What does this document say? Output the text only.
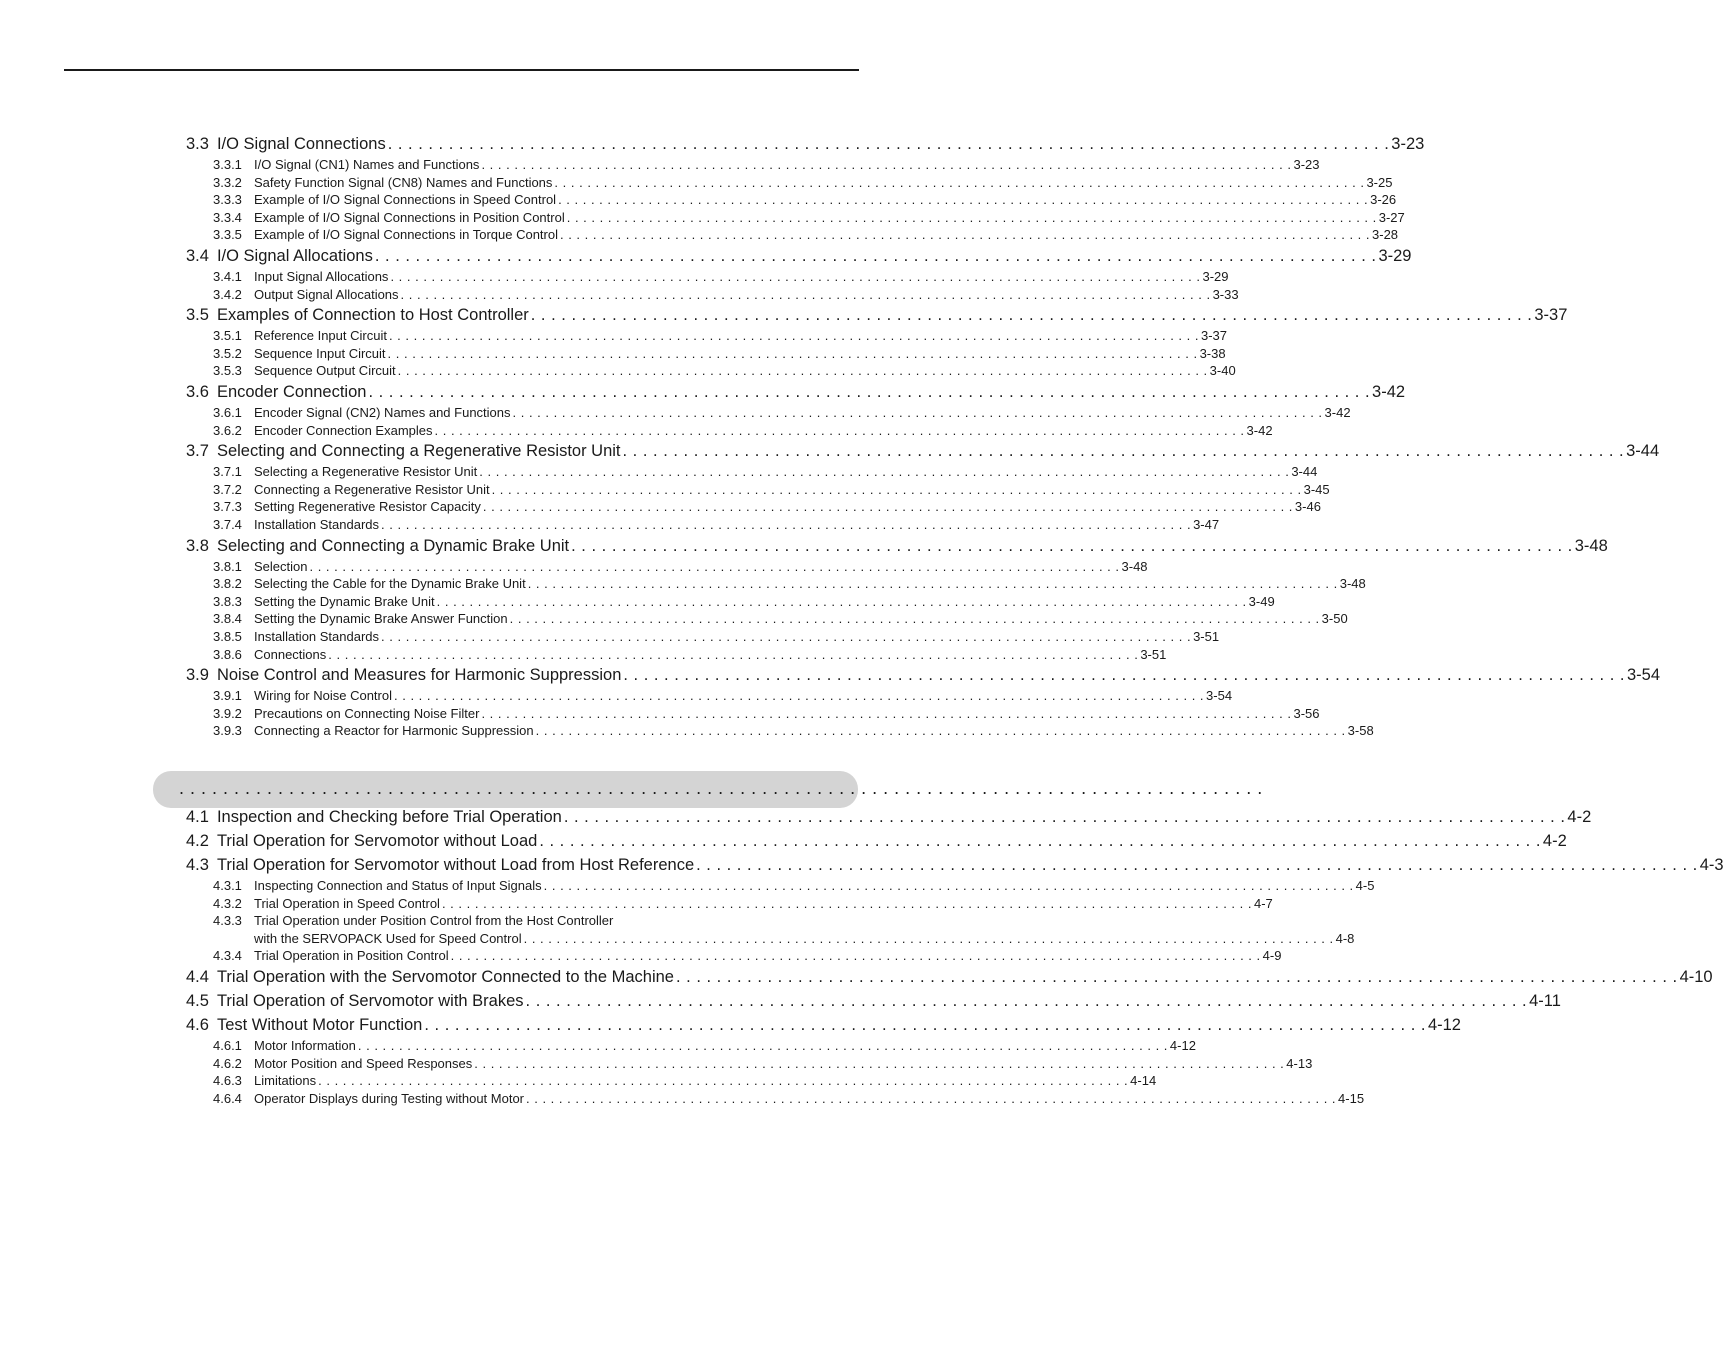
3.3 I/O Signal Connections . . . . . . . . . . . . . . . . . . . . . . . . . . . . . . . . . . . . . . . . . . . . . . . . . . . . . . . . . . . . . . . . . . . . . . . . . . . . . . . . . . . . . . . . . . . . . . . . . . . 3-23
3.3.1 I/O Signal (CN1) Names and Functions . . . . . . . . . . . . . . . . . . . . . . . . . . . . . . . . . . . . . . . . . . . . . . . . . . . . . . . . . . . . . . . . . . . . . . . . . . . . . . . . . . . . . . . . . . . . . . . . . . . 3-23
3.3.2 Safety Function Signal (CN8) Names and Functions . . . . . . . . . . . . . . . . . . . . . . . . . . . . . . . . . . . . . . . . . . . . . . . . . . . . . . . . . . . . . . . . . . . . . . . . . . . . . . . . . . . . . . . . . . . . . . . . . . . 3-25
3.3.3 Example of I/O Signal Connections in Speed Control . . . . . . . . . . . . . . . . . . . . . . . . . . . . . . . . . . . . . . . . . . . . . . . . . . . . . . . . . . . . . . . . . . . . . . . . . . . . . . . . . . . . . . . . . . . . . . . . . . . 3-26
3.3.4 Example of I/O Signal Connections in Position Control . . . . . . . . . . . . . . . . . . . . . . . . . . . . . . . . . . . . . . . . . . . . . . . . . . . . . . . . . . . . . . . . . . . . . . . . . . . . . . . . . . . . . . . . . . . . . . . . . . . 3-27
3.3.5 Example of I/O Signal Connections in Torque Control . . . . . . . . . . . . . . . . . . . . . . . . . . . . . . . . . . . . . . . . . . . . . . . . . . . . . . . . . . . . . . . . . . . . . . . . . . . . . . . . . . . . . . . . . . . . . . . . . . . 3-28
3.4 I/O Signal Allocations . . . . . . . . . . . . . . . . . . . . . . . . . . . . . . . . . . . . . . . . . . . . . . . . . . . . . . . . . . . . . . . . . . . . . . . . . . . . . . . . . . . . . . . . . . . . . . . . . . . 3-29
3.4.1 Input Signal Allocations . . . . . . . . . . . . . . . . . . . . . . . . . . . . . . . . . . . . . . . . . . . . . . . . . . . . . . . . . . . . . . . . . . . . . . . . . . . . . . . . . . . . . . . . . . . . . . . . . . . 3-29
3.4.2 Output Signal Allocations . . . . . . . . . . . . . . . . . . . . . . . . . . . . . . . . . . . . . . . . . . . . . . . . . . . . . . . . . . . . . . . . . . . . . . . . . . . . . . . . . . . . . . . . . . . . . . . . . . . 3-33
3.5 Examples of Connection to Host Controller . . . . . . . . . . . . . . . . . . . . . . . . . . . . . . . . . . . . . . . . . . . . . . . . . . . . . . . . . . . . . . . . . . . . . . . . . . . . . . . . . . . . . . . . . . . . . . . . . . . 3-37
3.5.1 Reference Input Circuit . . . . . . . . . . . . . . . . . . . . . . . . . . . . . . . . . . . . . . . . . . . . . . . . . . . . . . . . . . . . . . . . . . . . . . . . . . . . . . . . . . . . . . . . . . . . . . . . . . . 3-37
3.5.2 Sequence Input Circuit . . . . . . . . . . . . . . . . . . . . . . . . . . . . . . . . . . . . . . . . . . . . . . . . . . . . . . . . . . . . . . . . . . . . . . . . . . . . . . . . . . . . . . . . . . . . . . . . . . . 3-38
3.5.3 Sequence Output Circuit . . . . . . . . . . . . . . . . . . . . . . . . . . . . . . . . . . . . . . . . . . . . . . . . . . . . . . . . . . . . . . . . . . . . . . . . . . . . . . . . . . . . . . . . . . . . . . . . . . . 3-40
3.6 Encoder Connection . . . . . . . . . . . . . . . . . . . . . . . . . . . . . . . . . . . . . . . . . . . . . . . . . . . . . . . . . . . . . . . . . . . . . . . . . . . . . . . . . . . . . . . . . . . . . . . . . . . 3-42
3.6.1 Encoder Signal (CN2) Names and Functions . . . . . . . . . . . . . . . . . . . . . . . . . . . . . . . . . . . . . . . . . . . . . . . . . . . . . . . . . . . . . . . . . . . . . . . . . . . . . . . . . . . . . . . . . . . . . . . . . . . 3-42
3.6.2 Encoder Connection Examples . . . . . . . . . . . . . . . . . . . . . . . . . . . . . . . . . . . . . . . . . . . . . . . . . . . . . . . . . . . . . . . . . . . . . . . . . . . . . . . . . . . . . . . . . . . . . . . . . . . 3-42
3.7 Selecting and Connecting a Regenerative Resistor Unit . . . . . . . . . . . . . . . . . . . . . . . . . . . . . . . . . . . . . . . . . . . . . . . . . . . . . . . . . . . . . . . . . . . . . . . . . . . . . . . . . . . . . . . . . . . . . . . . . . . 3-44
3.7.1 Selecting a Regenerative Resistor Unit . . . . . . . . . . . . . . . . . . . . . . . . . . . . . . . . . . . . . . . . . . . . . . . . . . . . . . . . . . . . . . . . . . . . . . . . . . . . . . . . . . . . . . . . . . . . . . . . . . . 3-44
3.7.2 Connecting a Regenerative Resistor Unit . . . . . . . . . . . . . . . . . . . . . . . . . . . . . . . . . . . . . . . . . . . . . . . . . . . . . . . . . . . . . . . . . . . . . . . . . . . . . . . . . . . . . . . . . . . . . . . . . . . 3-45
3.7.3 Setting Regenerative Resistor Capacity . . . . . . . . . . . . . . . . . . . . . . . . . . . . . . . . . . . . . . . . . . . . . . . . . . . . . . . . . . . . . . . . . . . . . . . . . . . . . . . . . . . . . . . . . . . . . . . . . . . 3-46
3.7.4 Installation Standards . . . . . . . . . . . . . . . . . . . . . . . . . . . . . . . . . . . . . . . . . . . . . . . . . . . . . . . . . . . . . . . . . . . . . . . . . . . . . . . . . . . . . . . . . . . . . . . . . . . 3-47
3.8 Selecting and Connecting a Dynamic Brake Unit . . . . . . . . . . . . . . . . . . . . . . . . . . . . . . . . . . . . . . . . . . . . . . . . . . . . . . . . . . . . . . . . . . . . . . . . . . . . . . . . . . . . . . . . . . . . . . . . . . . 3-48
3.8.1 Selection . . . . . . . . . . . . . . . . . . . . . . . . . . . . . . . . . . . . . . . . . . . . . . . . . . . . . . . . . . . . . . . . . . . . . . . . . . . . . . . . . . . . . . . . . . . . . . . . . . . 3-48
3.8.2 Selecting the Cable for the Dynamic Brake Unit . . . . . . . . . . . . . . . . . . . . . . . . . . . . . . . . . . . . . . . . . . . . . . . . . . . . . . . . . . . . . . . . . . . . . . . . . . . . . . . . . . . . . . . . . . . . . . . . . . . 3-48
3.8.3 Setting the Dynamic Brake Unit . . . . . . . . . . . . . . . . . . . . . . . . . . . . . . . . . . . . . . . . . . . . . . . . . . . . . . . . . . . . . . . . . . . . . . . . . . . . . . . . . . . . . . . . . . . . . . . . . . . 3-49
3.8.4 Setting the Dynamic Brake Answer Function . . . . . . . . . . . . . . . . . . . . . . . . . . . . . . . . . . . . . . . . . . . . . . . . . . . . . . . . . . . . . . . . . . . . . . . . . . . . . . . . . . . . . . . . . . . . . . . . . . . 3-50
3.8.5 Installation Standards . . . . . . . . . . . . . . . . . . . . . . . . . . . . . . . . . . . . . . . . . . . . . . . . . . . . . . . . . . . . . . . . . . . . . . . . . . . . . . . . . . . . . . . . . . . . . . . . . . . 3-51
3.8.6 Connections . . . . . . . . . . . . . . . . . . . . . . . . . . . . . . . . . . . . . . . . . . . . . . . . . . . . . . . . . . . . . . . . . . . . . . . . . . . . . . . . . . . . . . . . . . . . . . . . . . . 3-51
3.9 Noise Control and Measures for Harmonic Suppression . . . . . . . . . . . . . . . . . . . . . . . . . . . . . . . . . . . . . . . . . . . . . . . . . . . . . . . . . . . . . . . . . . . . . . . . . . . . . . . . . . . . . . . . . . . . . . . . . . . 3-54
3.9.1 Wiring for Noise Control . . . . . . . . . . . . . . . . . . . . . . . . . . . . . . . . . . . . . . . . . . . . . . . . . . . . . . . . . . . . . . . . . . . . . . . . . . . . . . . . . . . . . . . . . . . . . . . . . . . 3-54
3.9.2 Precautions on Connecting Noise Filter . . . . . . . . . . . . . . . . . . . . . . . . . . . . . . . . . . . . . . . . . . . . . . . . . . . . . . . . . . . . . . . . . . . . . . . . . . . . . . . . . . . . . . . . . . . . . . . . . . . 3-56
3.9.3 Connecting a Reactor for Harmonic Suppression . . . . . . . . . . . . . . . . . . . . . . . . . . . . . . . . . . . . . . . . . . . . . . . . . . . . . . . . . . . . . . . . . . . . . . . . . . . . . . . . . . . . . . . . . . . . . . . . . . . 3-58
. . . . . . . . . . . . . . . . . . . . . . . . . . . . . . . . . . . . . . . . . . . . . . . . . . . . . . . . . . . . . . . . . . . . . . . . . . . . . . . . . . . . . . . . . . . . . . . . . . .
4.1 Inspection and Checking before Trial Operation . . . . . . . . . . . . . . . . . . . . . . . . . . . . . . . . . . . . . . . . . . . . . . . . . . . . . . . . . . . . . . . . . . . . . . . . . . . . . . . . . . . . . . . . . . . . . . . . . . . 4-2
4.2 Trial Operation for Servomotor without Load . . . . . . . . . . . . . . . . . . . . . . . . . . . . . . . . . . . . . . . . . . . . . . . . . . . . . . . . . . . . . . . . . . . . . . . . . . . . . . . . . . . . . . . . . . . . . . . . . . . 4-2
4.3 Trial Operation for Servomotor without Load from Host Reference . . . . . . . . . . . . . . . . . . . . . . . . . . . . . . . . . . . . . . . . . . . . . . . . . . . . . . . . . . . . . . . . . . . . . . . . . . . . . . . . . . . . . . . . . . . . . . . . . . . 4-3
4.3.1 Inspecting Connection and Status of Input Signals . . . . . . . . . . . . . . . . . . . . . . . . . . . . . . . . . . . . . . . . . . . . . . . . . . . . . . . . . . . . . . . . . . . . . . . . . . . . . . . . . . . . . . . . . . . . . . . . . . . 4-5
4.3.2 Trial Operation in Speed Control . . . . . . . . . . . . . . . . . . . . . . . . . . . . . . . . . . . . . . . . . . . . . . . . . . . . . . . . . . . . . . . . . . . . . . . . . . . . . . . . . . . . . . . . . . . . . . . . . . . 4-7
4.3.3 Trial Operation under Position Control from the Host Controller
with the SERVOPACK Used for Speed Control . . . . . . . . . . . . . . . . . . . . . . . . . . . . . . . . . . . . . . . . . . . . . . . . . . . . . . . . . . . . . . . . . . . . . . . . . . . . . . . . . . . . . . . . . . . . . . . . . . . 4-8
4.3.4 Trial Operation in Position Control . . . . . . . . . . . . . . . . . . . . . . . . . . . . . . . . . . . . . . . . . . . . . . . . . . . . . . . . . . . . . . . . . . . . . . . . . . . . . . . . . . . . . . . . . . . . . . . . . . . 4-9
4.4 Trial Operation with the Servomotor Connected to the Machine . . . . . . . . . . . . . . . . . . . . . . . . . . . . . . . . . . . . . . . . . . . . . . . . . . . . . . . . . . . . . . . . . . . . . . . . . . . . . . . . . . . . . . . . . . . . . . . . . . . 4-10
4.5 Trial Operation of Servomotor with Brakes . . . . . . . . . . . . . . . . . . . . . . . . . . . . . . . . . . . . . . . . . . . . . . . . . . . . . . . . . . . . . . . . . . . . . . . . . . . . . . . . . . . . . . . . . . . . . . . . . . . 4-11
4.6 Test Without Motor Function . . . . . . . . . . . . . . . . . . . . . . . . . . . . . . . . . . . . . . . . . . . . . . . . . . . . . . . . . . . . . . . . . . . . . . . . . . . . . . . . . . . . . . . . . . . . . . . . . . . 4-12
4.6.1 Motor Information . . . . . . . . . . . . . . . . . . . . . . . . . . . . . . . . . . . . . . . . . . . . . . . . . . . . . . . . . . . . . . . . . . . . . . . . . . . . . . . . . . . . . . . . . . . . . . . . . . . 4-12
4.6.2 Motor Position and Speed Responses . . . . . . . . . . . . . . . . . . . . . . . . . . . . . . . . . . . . . . . . . . . . . . . . . . . . . . . . . . . . . . . . . . . . . . . . . . . . . . . . . . . . . . . . . . . . . . . . . . . 4-13
4.6.3 Limitations . . . . . . . . . . . . . . . . . . . . . . . . . . . . . . . . . . . . . . . . . . . . . . . . . . . . . . . . . . . . . . . . . . . . . . . . . . . . . . . . . . . . . . . . . . . . . . . . . . . 4-14
4.6.4 Operator Displays during Testing without Motor . . . . . . . . . . . . . . . . . . . . . . . . . . . . . . . . . . . . . . . . . . . . . . . . . . . . . . . . . . . . . . . . . . . . . . . . . . . . . . . . . . . . . . . . . . . . . . . . . . . 4-15
